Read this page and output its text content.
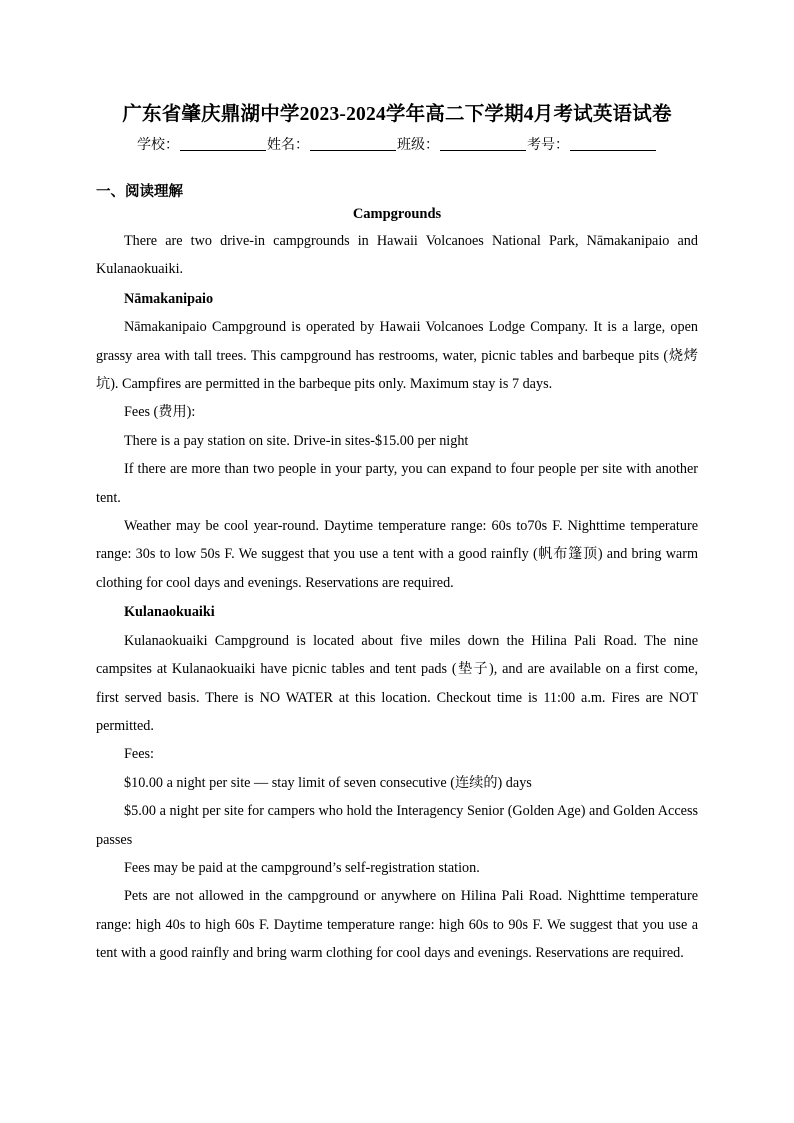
广东省肇庆鼎湖中学2023-2024学年高二下学期4月考试英语试卷
学校：	姓名：	班级：	考号：
一、阅读理解
Campgrounds

There are two drive-in campgrounds in Hawaii Volcanoes National Park, Nāmakanipaio and Kulanaokuaiki.

Nāmakanipaio

Nāmakanipaio Campground is operated by Hawaii Volcanoes Lodge Company. It is a large, open grassy area with tall trees. This campground has restrooms, water, picnic tables and barbeque pits (烧烤坑). Campfires are permitted in the barbeque pits only. Maximum stay is 7 days.

Fees (费用):

There is a pay station on site. Drive-in sites-$15.00 per night

If there are more than two people in your party, you can expand to four people per site with another tent.

Weather may be cool year-round. Daytime temperature range: 60s to70s F. Nighttime temperature range: 30s to low 50s F. We suggest that you use a tent with a good rainfly (帆布篷顶) and bring warm clothing for cool days and evenings. Reservations are required.

Kulanaokuaiki

Kulanaokuaiki Campground is located about five miles down the Hilina Pali Road. The nine campsites at Kulanaokuaiki have picnic tables and tent pads (垫子), and are available on a first come, first served basis. There is NO WATER at this location. Checkout time is 11:00 a.m. Fires are NOT permitted.

Fees:

$10.00 a night per site — stay limit of seven consecutive (连续的) days

$5.00 a night per site for campers who hold the Interagency Senior (Golden Age) and Golden Access passes

Fees may be paid at the campground’s self-registration station.

Pets are not allowed in the campground or anywhere on Hilina Pali Road. Nighttime temperature range: high 40s to high 60s F. Daytime temperature range: high 60s to 90s F. We suggest that you use a tent with a good rainfly and bring warm clothing for cool days and evenings. Reservations are required.
